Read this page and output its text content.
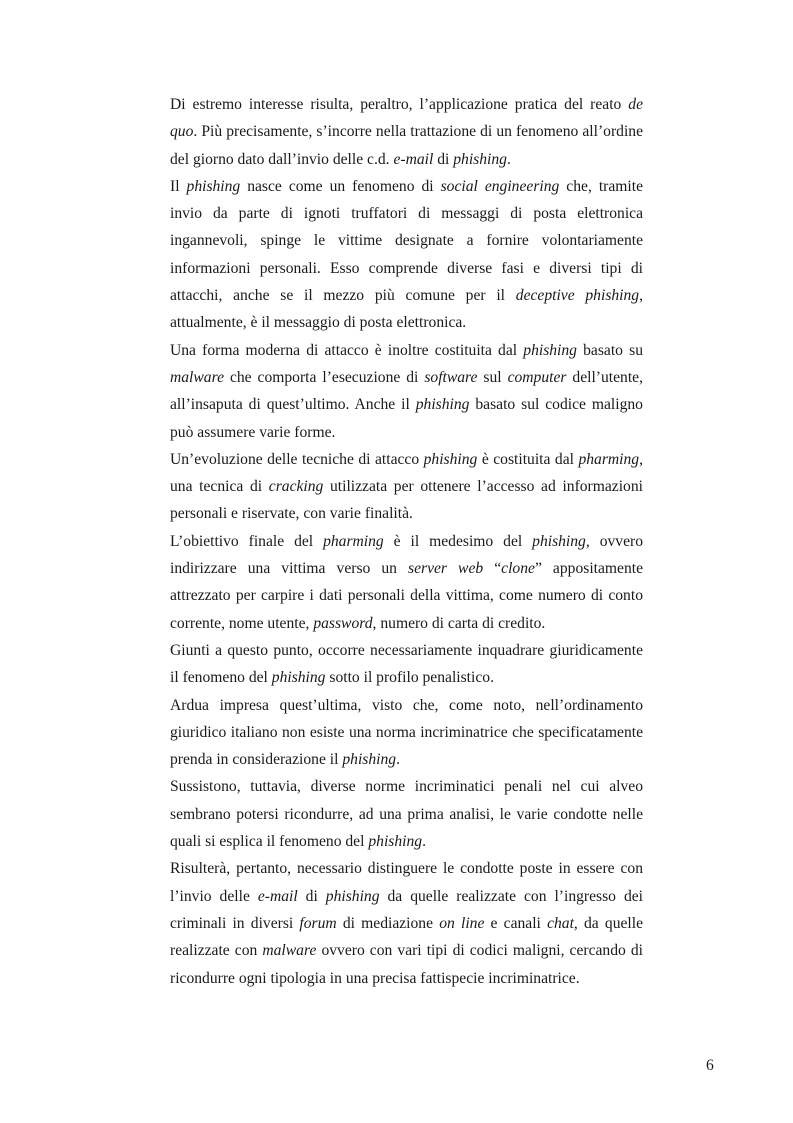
Di estremo interesse risulta, peraltro, l’applicazione pratica del reato de quo. Più precisamente, s’incorre nella trattazione di un fenomeno all’ordine del giorno dato dall’invio delle c.d. e-mail di phishing.

Il phishing nasce come un fenomeno di social engineering che, tramite invio da parte di ignoti truffatori di messaggi di posta elettronica ingannevoli, spinge le vittime designate a fornire volontariamente informazioni personali. Esso comprende diverse fasi e diversi tipi di attacchi, anche se il mezzo più comune per il deceptive phishing, attualmente, è il messaggio di posta elettronica.

Una forma moderna di attacco è inoltre costituita dal phishing basato su malware che comporta l’esecuzione di software sul computer dell’utente, all’insaputa di quest’ultimo. Anche il phishing basato sul codice maligno può assumere varie forme.

Un’evoluzione delle tecniche di attacco phishing è costituita dal pharming, una tecnica di cracking utilizzata per ottenere l’accesso ad informazioni personali e riservate, con varie finalità.

L’obiettivo finale del pharming è il medesimo del phishing, ovvero indirizzare una vittima verso un server web “clone” appositamente attrezzato per carpire i dati personali della vittima, come numero di conto corrente, nome utente, password, numero di carta di credito.

Giunti a questo punto, occorre necessariamente inquadrare giuridicamente il fenomeno del phishing sotto il profilo penalistico.

Ardua impresa quest’ultima, visto che, come noto, nell’ordinamento giuridico italiano non esiste una norma incriminatrice che specificatamente prenda in considerazione il phishing.

Sussistono, tuttavia, diverse norme incriminatici penali nel cui alveo sembrano potersi ricondurre, ad una prima analisi, le varie condotte nelle quali si esplica il fenomeno del phishing.

Risulterà, pertanto, necessario distinguere le condotte poste in essere con l’invio delle e-mail di phishing da quelle realizzate con l’ingresso dei criminali in diversi forum di mediazione on line e canali chat, da quelle realizzate con malware ovvero con vari tipi di codici maligni, cercando di ricondurre ogni tipologia in una precisa fattispecie incriminatrice.

6
